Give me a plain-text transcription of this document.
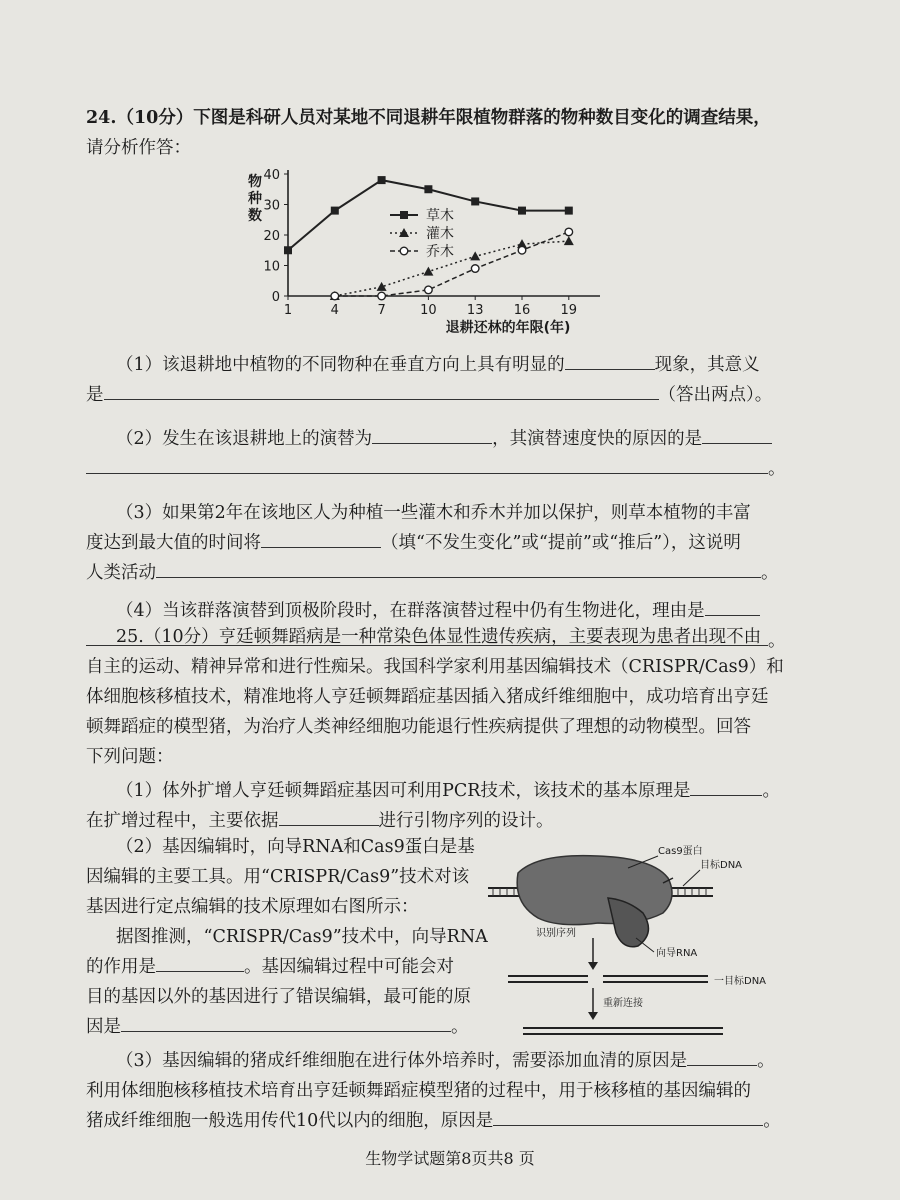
24.（10分）下图是科研人员对某地不同退耕年限植物群落的物种数目变化的调查结果，
请分析作答：
物
种
数
0
10
20
30
40
1	4	7	10 13 16 19
草木
灌木
乔木
退耕还林的年限(年)
（1）该退耕地中植物的不同物种在垂直方向上具有明显的	现象，其意义
是	（答出两点）。
（2）发生在该退耕地上的演替为	，其演替速度快的原因的是
。
（3）如果第2年在该地区人为种植一些灌木和乔木并加以保护，则草本植物的丰富
度达到最大值的时间将	（填“不发生变化”或“提前”或“推后”），这说明
人类活动	。
（4）当该群落演替到顶极阶段时，在群落演替过程中仍有生物进化，理由是
。
25.（10分）亨廷顿舞蹈病是一种常染色体显性遗传疾病，主要表现为患者出现不由
自主的运动、精神异常和进行性痴呆。我国科学家利用基因编辑技术（CRISPR/Cas9）和
体细胞核移植技术，精准地将人亨廷顿舞蹈症基因插入猪成纤维细胞中，成功培育出亨廷
顿舞蹈症的模型猪，为治疗人类神经细胞功能退行性疾病提供了理想的动物模型。回答
下列问题：
（1）体外扩增人亨廷顿舞蹈症基因可利用PCR技术，该技术的基本原理是	。
在扩增过程中，主要依据	进行引物序列的设计。
（2）基因编辑时，向导RNA和Cas9蛋白是基
因编辑的主要工具。用“CRISPR/Cas9”技术对该
基因进行定点编辑的技术原理如右图所示：
据图推测，“CRISPR/Cas9”技术中，向导RNA
的作用是	。基因编辑过程中可能会对
目的基因以外的基因进行了错误编辑，最可能的原
因是	。
Cas9蛋白
目标DNA
识别序列
向导RNA
一目标DNA
重新连接
（3）基因编辑的猪成纤维细胞在进行体外培养时，需要添加血清的原因是	。
利用体细胞核移植技术培育出亨廷顿舞蹈症模型猪的过程中，用于核移植的基因编辑的
猪成纤维细胞一般选用传代10代以内的细胞，原因是	。
生物学试题第8页共8 页
